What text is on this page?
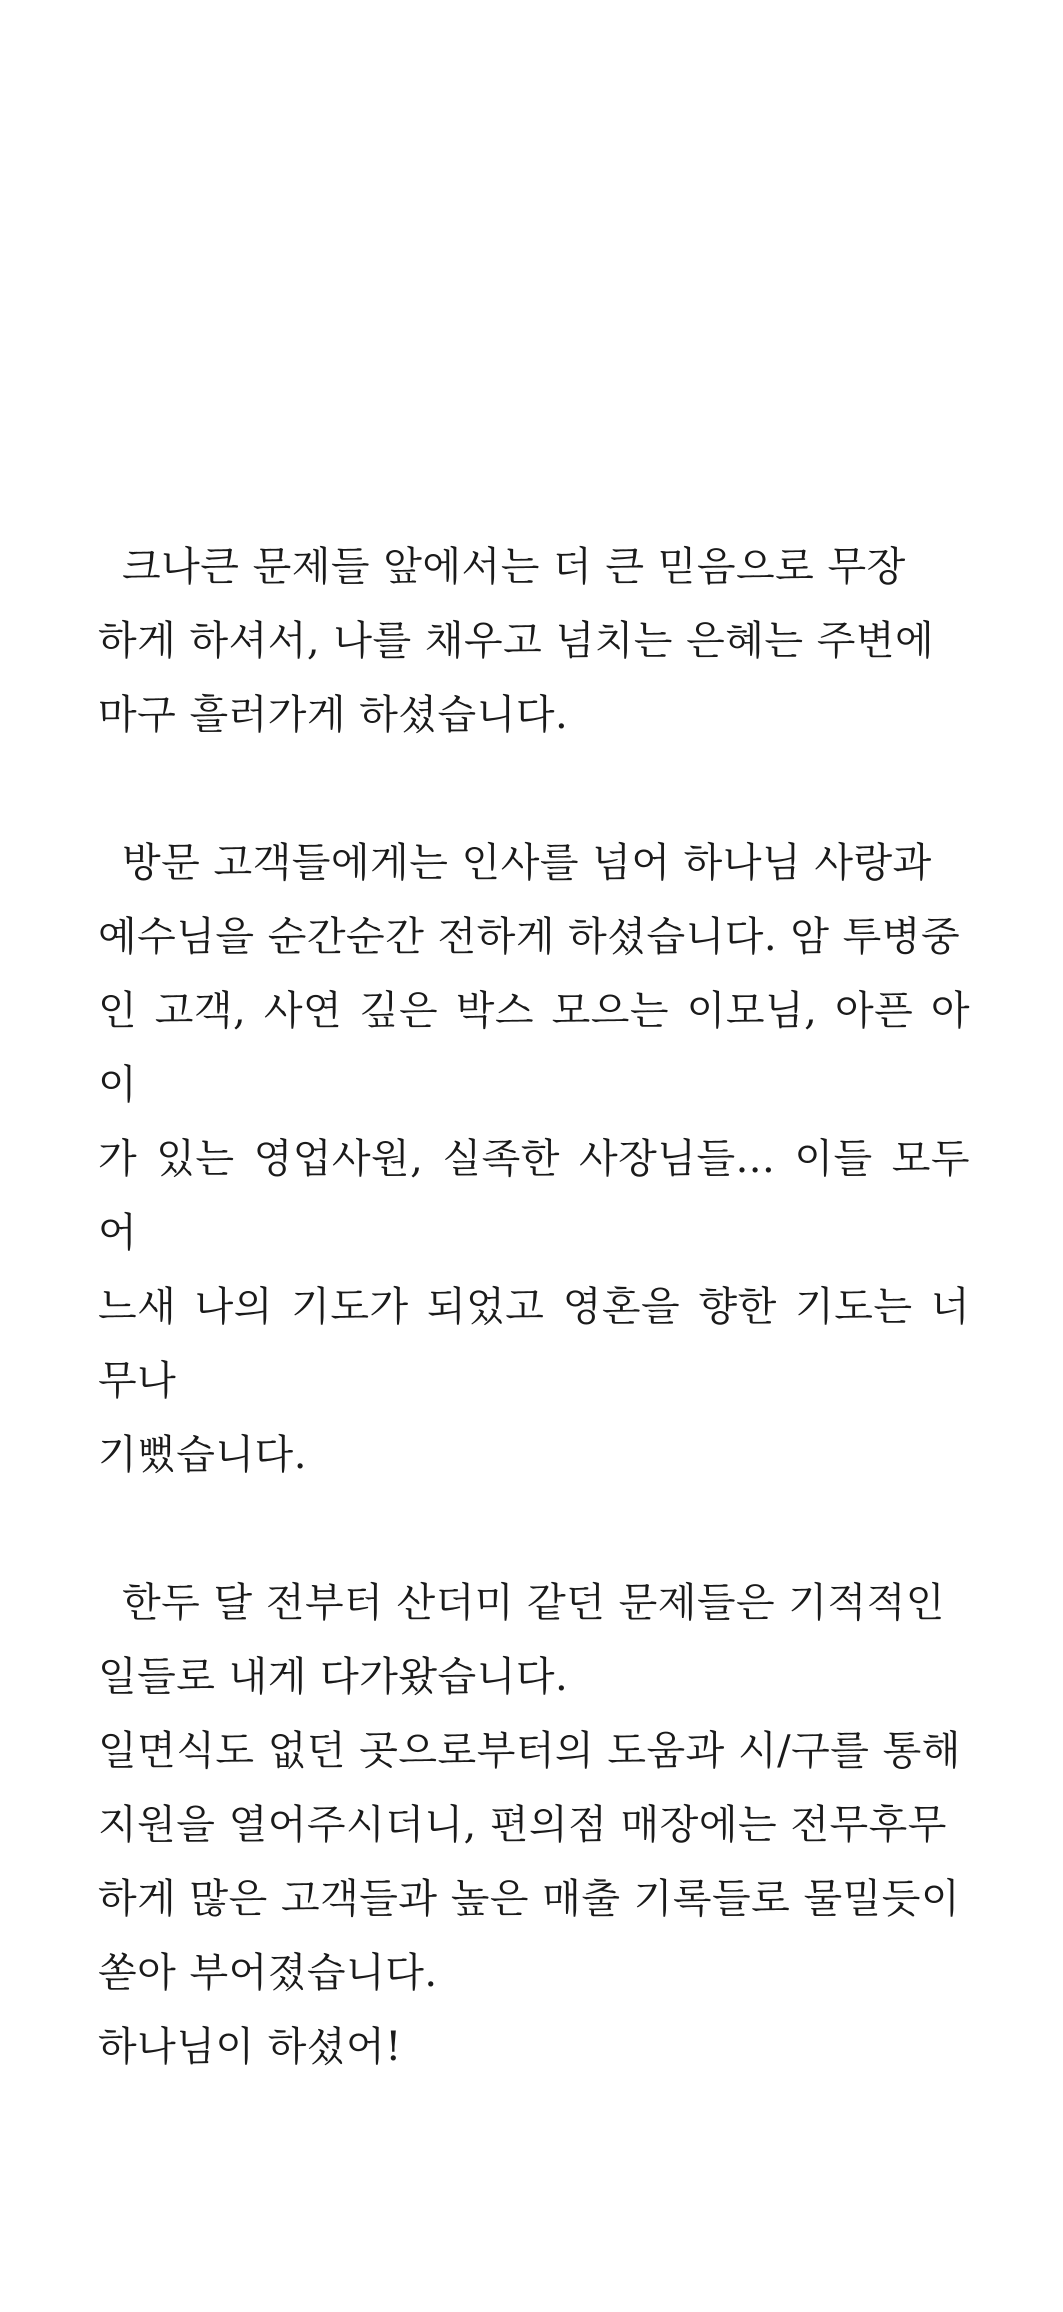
크나큰 문제들 앞에서는 더 큰 믿음으로 무장
하게 하셔서, 나를 채우고 넘치는 은혜는 주변에
마구 흘러가게 하셨습니다.
방문 고객들에게는 인사를 넘어 하나님 사랑과
예수님을 순간순간 전하게 하셨습니다. 암 투병중
인 고객, 사연 깊은 박스 모으는 이모님, 아픈 아이
가 있는 영업사원, 실족한 사장님들... 이들 모두 어
느새 나의 기도가 되었고 영혼을 향한 기도는 너무나
기뻤습니다.
한두 달 전부터 산더미 같던 문제들은 기적적인
일들로 내게 다가왔습니다.
일면식도 없던 곳으로부터의 도움과 시/구를 통해
지원을 열어주시더니, 편의점 매장에는 전무후무
하게 많은 고객들과 높은 매출 기록들로 물밀듯이
쏟아 부어졌습니다.
하나님이 하셨어!
